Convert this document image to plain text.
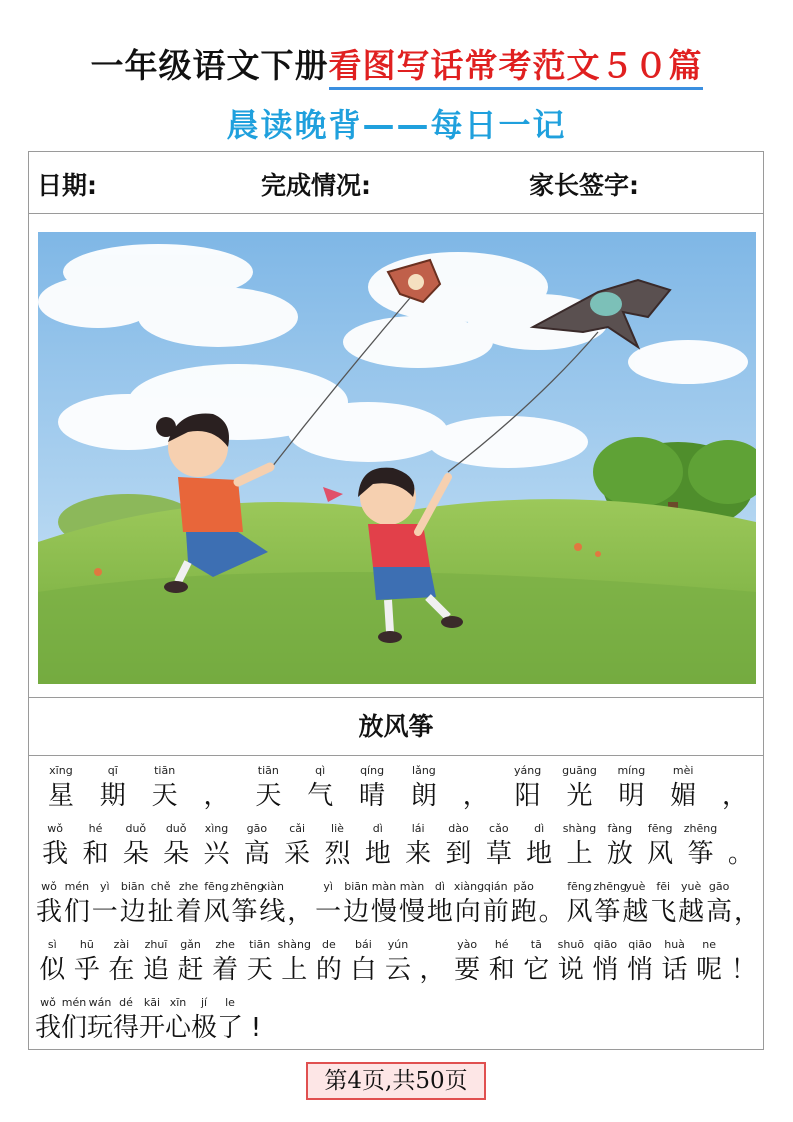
一年级语文下册看图写话常考范文５０篇
晨读晚背——每日一记
日期:	完成情况:	家长签字:
放风筝
xīng
星
qī
期
tiān
天 ，
tiān
天
qì
气
qíng
晴
lǎng
朗 ，
yáng
阳
guāng
光
míng
明
mèi
媚 ，
wǒ
我
hé
和
duǒ
朵
duǒ
朵
xìng
兴
gāo
高
cǎi
采
liè
烈
dì
地
lái
来
dào
到
cǎo
草
dì
地
shàng
上
fàng
放
fēng
风
zhēng
筝 。
wǒ
我
mén
们
yì
一
biān
边
chě
扯
zhe
着
fēng
风
zhēng
筝
xiàn
线 ，
yì
一
biān
边
màn
慢
màn
慢
dì
地
xiàng
向
qián
前
pǎo
跑 。
fēng
风
zhēng
筝
yuè
越
fēi
飞
yuè
越
gāo
高 ，
sì
似
hū
乎
zài
在
zhuī
追
gǎn
赶
zhe
着
tiān
天
shàng
上
de
的
bái
白
yún
云 ，
yào
要
hé
和
tā
它
shuō
说
qiāo
悄
qiāo
悄
huà
话
ne
呢 ！
wǒ
我
mén
们
wán
玩
dé
得
kāi
开
xīn
心
jí
极
le
了 !
第4页,共50页
